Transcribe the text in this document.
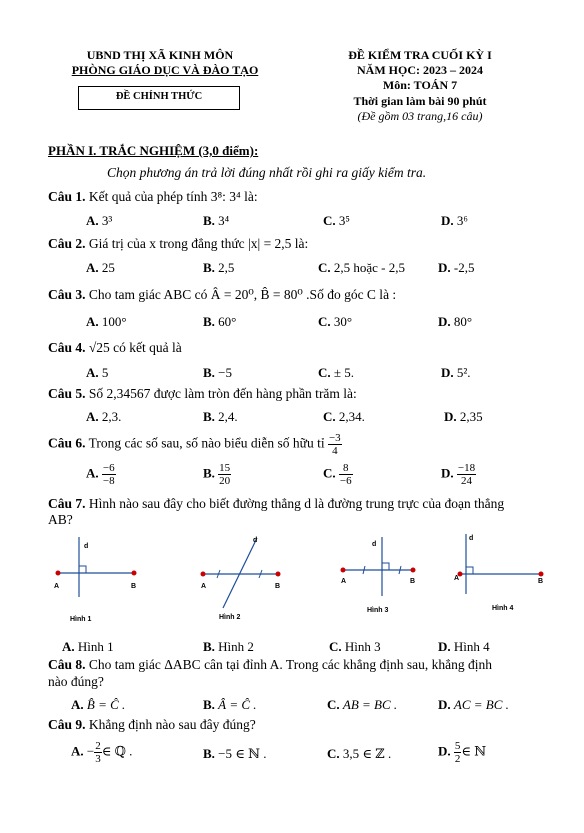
UBND THỊ XÃ KINH MÔN
PHÒNG GIÁO DỤC VÀ ĐÀO TẠO
ĐỀ CHÍNH THỨC
ĐỀ KIỂM TRA CUỐI KỲ I
NĂM HỌC: 2023 – 2024
Môn: TOÁN 7
Thời gian làm bài 90 phút
(Đề gồm 03 trang,16 câu)
PHẦN I. TRẮC NGHIỆM (3,0 điểm):
Chọn phương án trả lời đúng nhất rồi ghi ra giấy kiểm tra.
Câu 1. Kết quả của phép tính 3⁸: 3⁴ là:
A. 3³	B. 3⁴	C. 3⁵	D. 3⁶
Câu 2. Giá trị của x trong đẳng thức |x| = 2,5 là:
A. 25	B. 2,5	C. 2,5 hoặc - 2,5	D. -2,5
Câu 3. Cho tam giác ABC có Â = 20⁰, B̂ = 80⁰ .Số đo góc C là :
A. 100°	B. 60°	C. 30°	D. 80°
Câu 4. √25 có kết quả là
A. 5	B. −5	C. ± 5.	D. 5².
Câu 5. Số 2,34567 được làm tròn đến hàng phần trăm là:
A. 2,3.	B. 2,4.	C. 2,34.	D. 2,35
Câu 6. Trong các số sau, số nào biểu diễn số hữu tỉ $\frac{-3}{4}$
A. $\frac{-6}{-8}$	B. $\frac{15}{20}$	C. $\frac{8}{-6}$	D. $\frac{-18}{24}$
Câu 7. Hình nào sau đây cho biết đường thẳng d là đường trung trực của đoạn thẳng
AB?
d
A	B
Hình 1
d
A	B
Hình 2
d
A	B
Hình 3
d
A	B
Hình 4
A. Hình 1	B. Hình 2	C. Hình 3	D. Hình 4
Câu 8. Cho tam giác ΔABC cân tại đỉnh A. Trong các khẳng định sau, khẳng định
nào đúng?
A. B̂ = Ĉ .	B. Â = Ĉ .	C. AB = BC .	D. AC = BC .
Câu 9. Khẳng định nào sau đây đúng?
A. − $\frac{2}{3}$ ∈ ℚ .	B. −5 ∈ ℕ .	C. 3,5 ∈ ℤ .	D. $\frac{5}{2}$ ∈ ℕ
